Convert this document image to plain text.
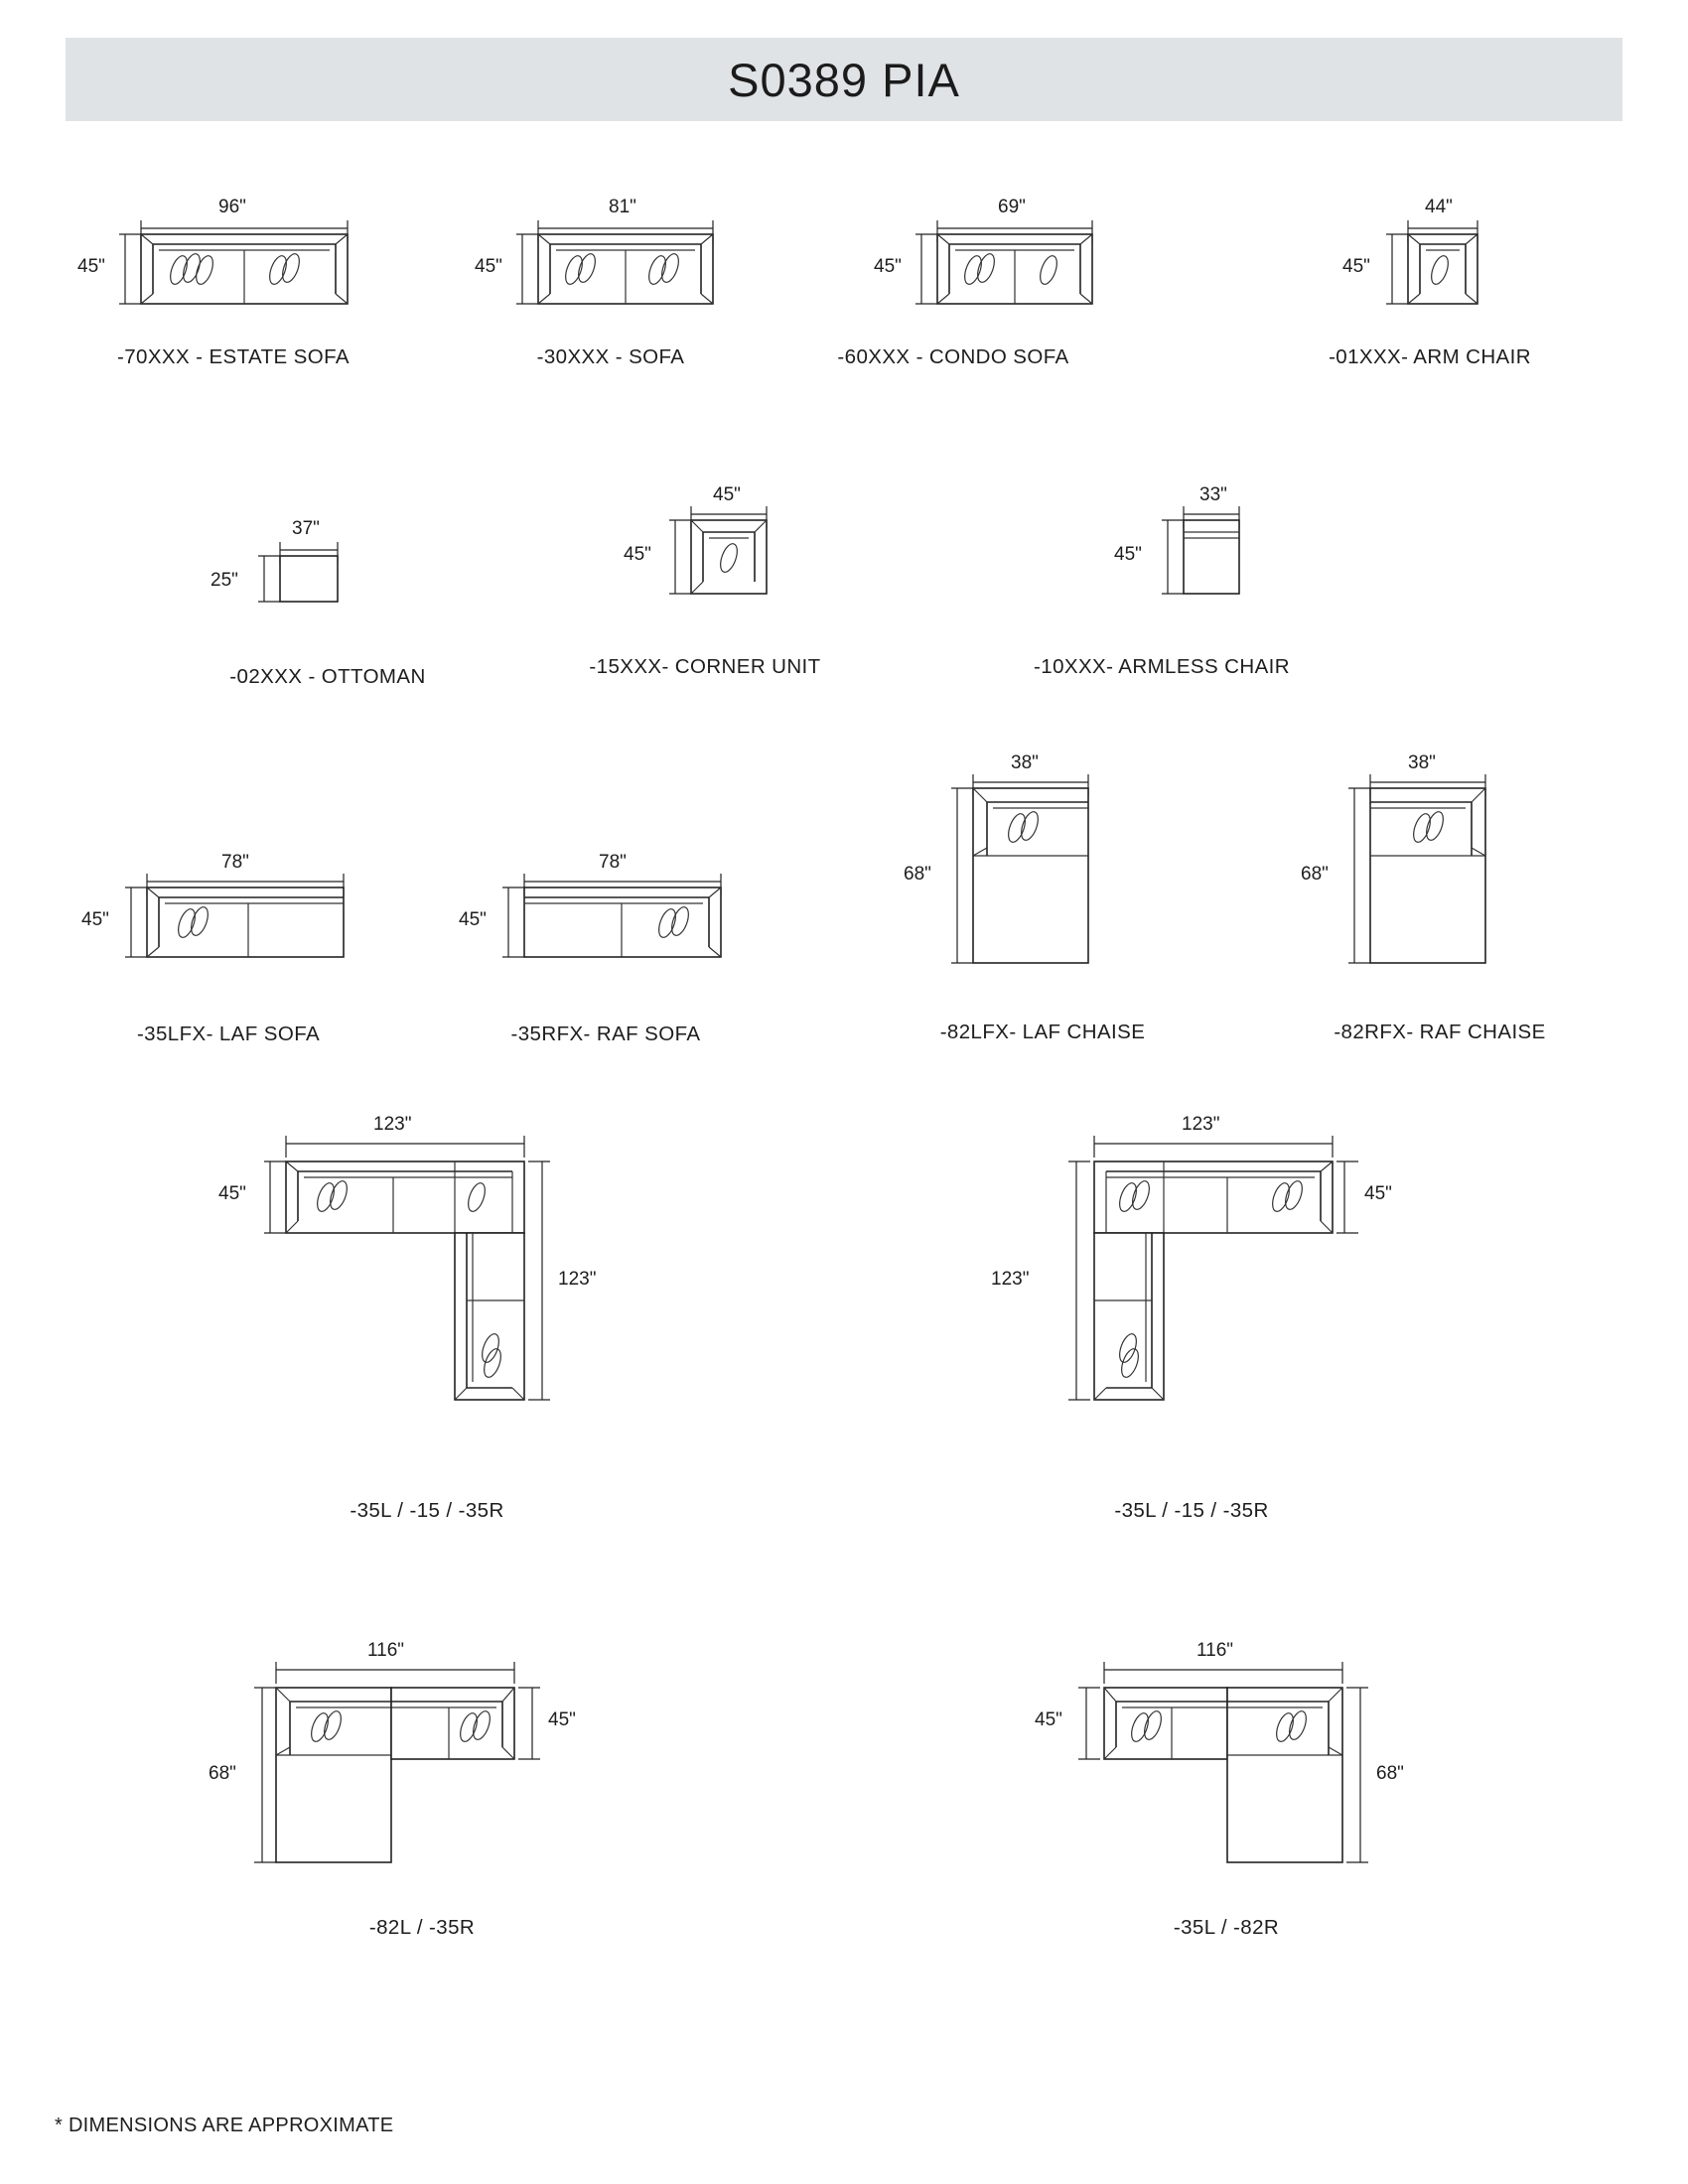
S0389 PIA
96"
45"
-70XXX - ESTATE SOFA
81"
45"
-30XXX - SOFA
69"
45"
-60XXX - CONDO SOFA
44"
45"
-01XXX- ARM CHAIR
37"
25"
-02XXX - OTTOMAN
45"
45"
-15XXX- CORNER UNIT
33"
45"
-10XXX- ARMLESS CHAIR
78"
45"
-35LFX- LAF SOFA
78"
45"
-35RFX- RAF SOFA
38"
68"
-82LFX- LAF CHAISE
38"
68"
-82RFX- RAF CHAISE
123"
45"
123"
-35L / -15 / -35R
123"
45"
123"
-35L / -15 / -35R
116"
68"
45"
-82L / -35R
116"
45"
68"
-35L / -82R
* DIMENSIONS ARE APPROXIMATE
